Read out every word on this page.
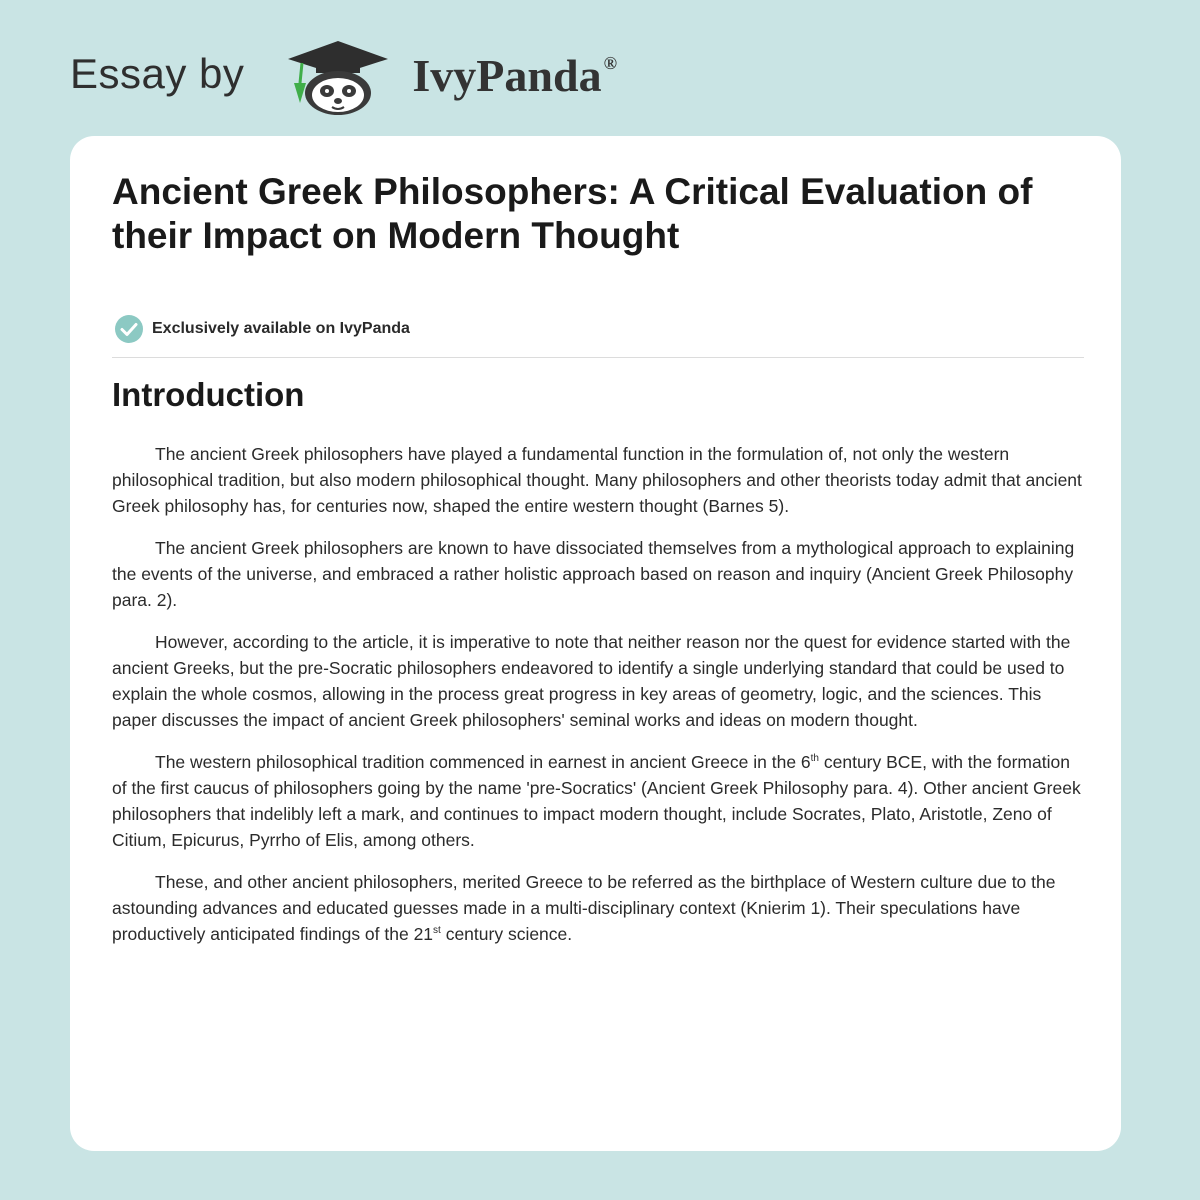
Essay by	IvyPanda ®
Ancient Greek Philosophers: A Critical Evaluation of their Impact on Modern Thought
Exclusively available on IvyPanda
Introduction

The ancient Greek philosophers have played a fundamental function in the formulation of, not only the western philosophical tradition, but also modern philosophical thought. Many philosophers and other theorists today admit that ancient Greek philosophy has, for centuries now, shaped the entire western thought (Barnes 5).

The ancient Greek philosophers are known to have dissociated themselves from a mythological approach to explaining the events of the universe, and embraced a rather holistic approach based on reason and inquiry (Ancient Greek Philosophy para. 2).

However, according to the article, it is imperative to note that neither reason nor the quest for evidence started with the ancient Greeks, but the pre-Socratic philosophers endeavored to identify a single underlying standard that could be used to explain the whole cosmos, allowing in the process great progress in key areas of geometry, logic, and the sciences. This paper discusses the impact of ancient Greek philosophers' seminal works and ideas on modern thought.

The western philosophical tradition commenced in earnest in ancient Greece in the 6th century BCE, with the formation of the first caucus of philosophers going by the name 'pre-Socratics' (Ancient Greek Philosophy para. 4). Other ancient Greek philosophers that indelibly left a mark, and continues to impact modern thought, include Socrates, Plato, Aristotle, Zeno of Citium, Epicurus, Pyrrho of Elis, among others.

These, and other ancient philosophers, merited Greece to be referred as the birthplace of Western culture due to the astounding advances and educated guesses made in a multi-disciplinary context (Knierim 1). Their speculations have productively anticipated findings of the 21st century science.
